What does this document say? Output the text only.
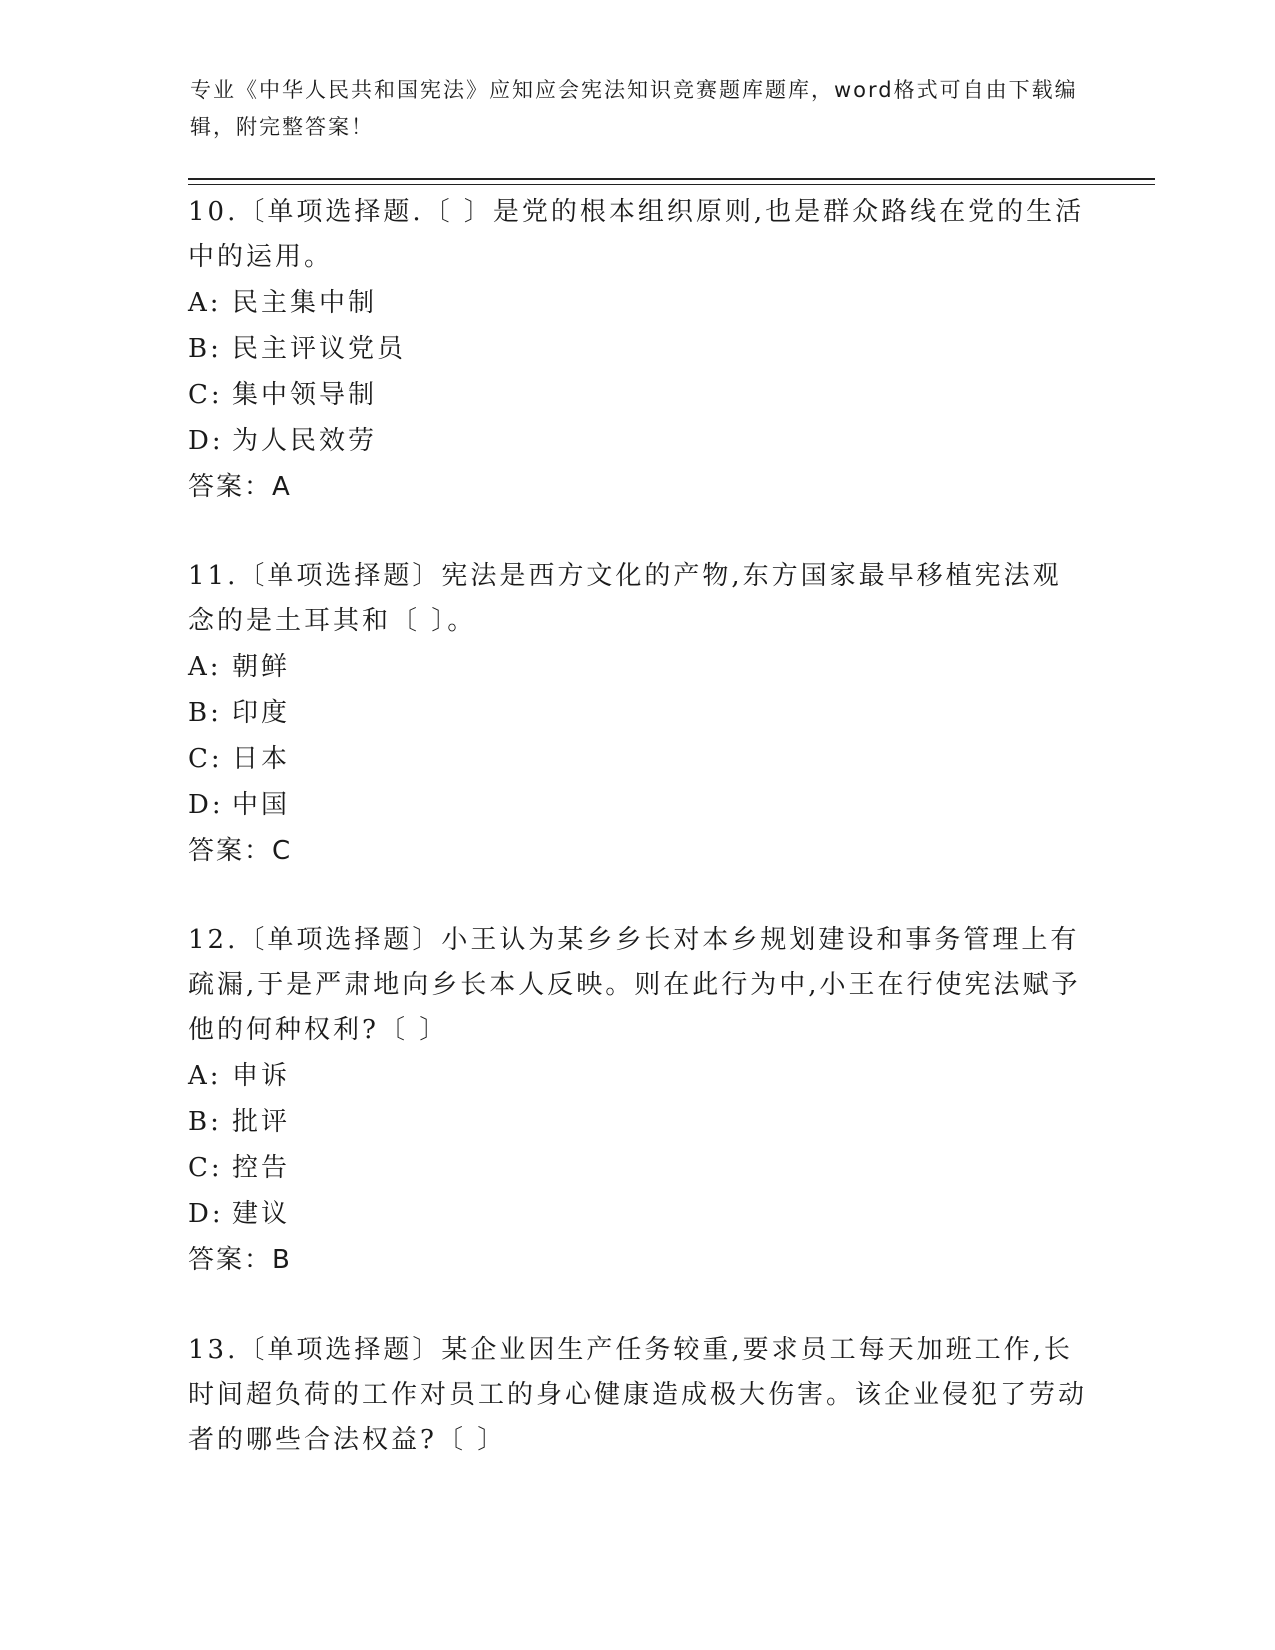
专业《中华人民共和国宪法》应知应会宪法知识竞赛题库题库，word格式可自由下载编辑，附完整答案！

10.〔单项选择题.〔 〕是党的根本组织原则,也是群众路线在党的生活中的运用。

A: 民主集中制

B: 民主评议党员

C: 集中领导制

D: 为人民效劳

答案：A

11.〔单项选择题〕宪法是西方文化的产物,东方国家最早移植宪法观念的是土耳其和〔 〕。

A: 朝鲜

B: 印度

C: 日本

D: 中国

答案：C

12.〔单项选择题〕小王认为某乡乡长对本乡规划建设和事务管理上有疏漏,于是严肃地向乡长本人反映。则在此行为中,小王在行使宪法赋予他的何种权利?〔 〕

A: 申诉

B: 批评

C: 控告

D: 建议

答案：B

13.〔单项选择题〕某企业因生产任务较重,要求员工每天加班工作,长时间超负荷的工作对员工的身心健康造成极大伤害。该企业侵犯了劳动者的哪些合法权益?〔 〕
